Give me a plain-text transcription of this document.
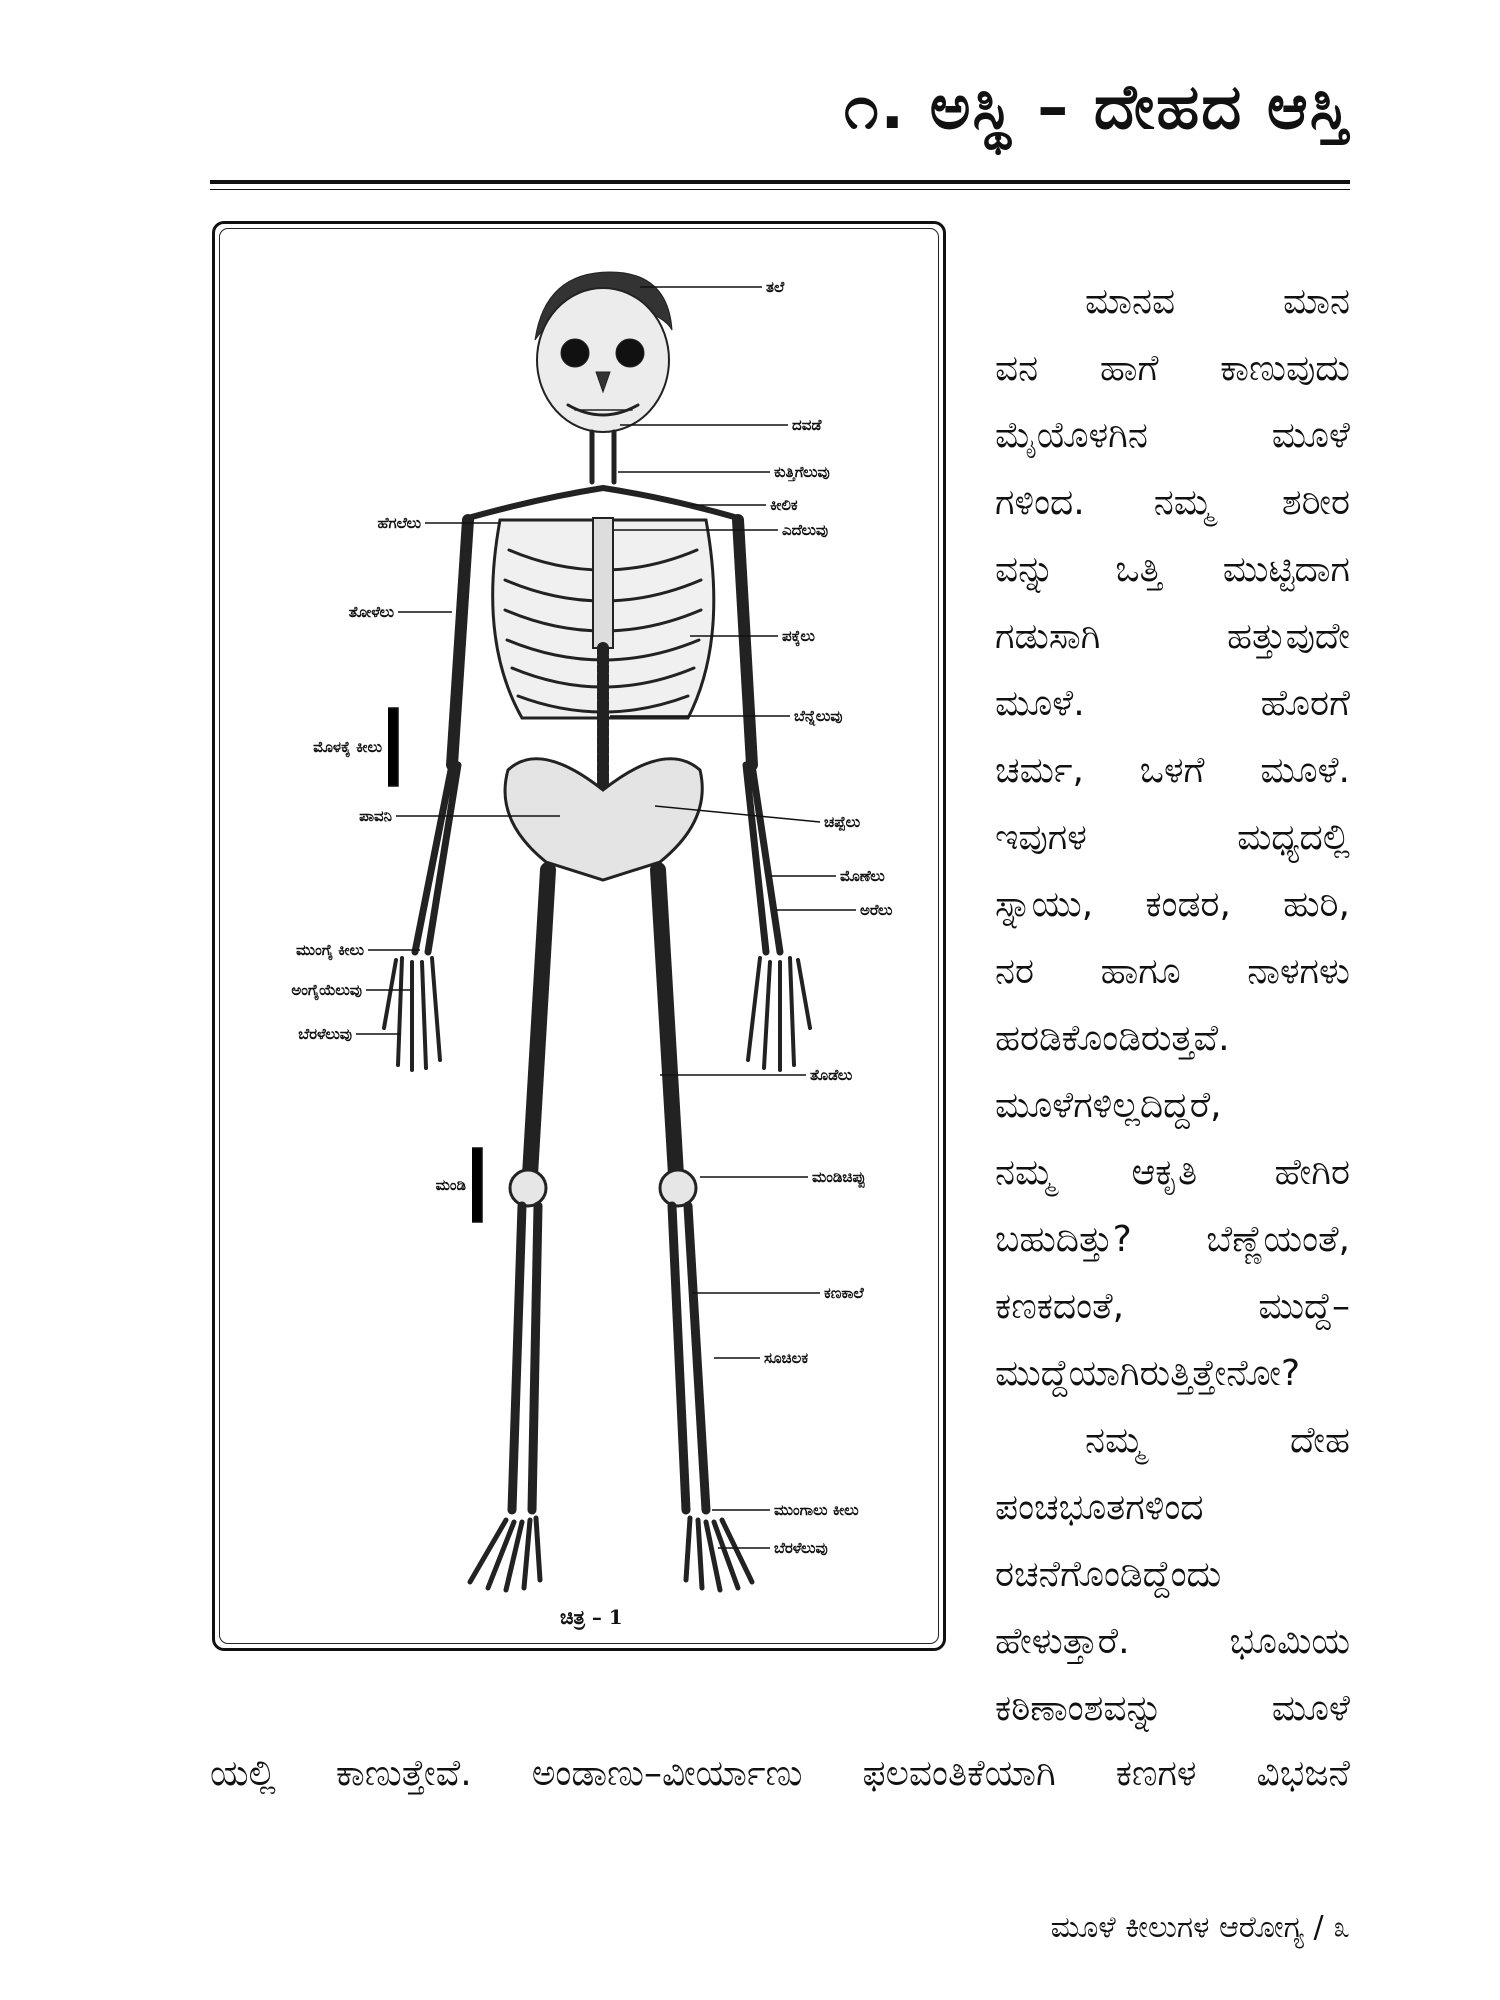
೧. ಅಸ್ಥಿ – ದೇಹದ ಆಸ್ತಿ
ತಲೆ
ದವಡೆ
ಕುತ್ತಿಗೆಲುವು
ಕೀಲಿಕ
ಎದೆಲುವು
ಪಕ್ಕೆಲು
ಬೆನ್ನೆಲುವು
ಚಪ್ಪೆಲು
ಮೊಣೆಲು
ಅರೆಲು
ತೊಡೆಲು
ಮಂಡಿಚಿಪ್ಪು
ಕಣಕಾಲೆ
ಸೂಚಿಲಕ
ಮುಂಗಾಲು ಕೀಲು
ಬೆರಳೆಲುವು
ಹೆಗಲೆಲು
ತೋಳೆಲು
ಮೊಳಕೈ ಕೀಲು
ಪಾವನಿ
ಮುಂಗೈ ಕೀಲು
ಅಂಗೈಯೆಲುವು
ಬೆರಳೆಲುವು
ಮಂಡಿ
ಚಿತ್ರ – 1
ಮಾನವ ಮಾನ
ವನ ಹಾಗೆ ಕಾಣುವುದು
ಮೈಯೊಳಗಿನ ಮೂಳೆ
ಗಳಿಂದ. ನಮ್ಮ ಶರೀರ
ವನ್ನು ಒತ್ತಿ ಮುಟ್ಟಿದಾಗ
ಗಡುಸಾಗಿ ಹತ್ತುವುದೇ
ಮೂಳೆ. ಹೊರಗೆ
ಚರ್ಮ, ಒಳಗೆ ಮೂಳೆ.
ಇವುಗಳ ಮಧ್ಯದಲ್ಲಿ
ಸ್ನಾಯು, ಕಂಡರ, ಹುರಿ,
ನರ ಹಾಗೂ ನಾಳಗಳು
ಹರಡಿಕೊಂಡಿರುತ್ತವೆ.
ಮೂಳೆಗಳಿಲ್ಲದಿದ್ದರೆ,
ನಮ್ಮ ಆಕೃತಿ ಹೇಗಿರ
ಬಹುದಿತ್ತು? ಬೆಣ್ಣೆಯಂತೆ,
ಕಣಕದಂತೆ, ಮುದ್ದೆ–
ಮುದ್ದೆಯಾಗಿರುತ್ತಿತ್ತೇನೋ?
ನಮ್ಮ ದೇಹ
ಪಂಚಭೂತಗಳಿಂದ
ರಚನೆಗೊಂಡಿದ್ದೆಂದು
ಹೇಳುತ್ತಾರೆ. ಭೂಮಿಯ
ಕಠಿಣಾಂಶವನ್ನು ಮೂಳೆ
ಯಲ್ಲಿ ಕಾಣುತ್ತೇವೆ. ಅಂಡಾಣು–ವೀರ್ಯಾಣು ಫಲವಂತಿಕೆಯಾಗಿ ಕಣಗಳ ವಿಭಜನೆ
ಮೂಳೆ ಕೀಲುಗಳ ಆರೋಗ್ಯ / ೩
